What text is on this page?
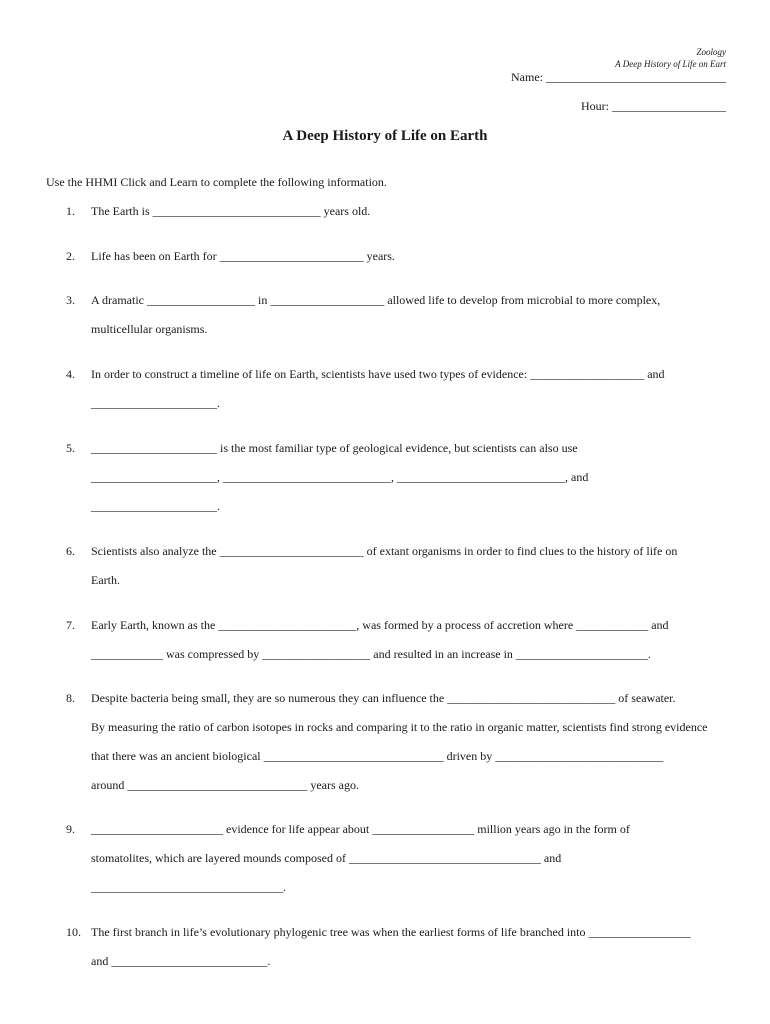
Zoology
A Deep History of Life on Eart
Name: ______________________________
Hour: ___________________
A Deep History of Life on Earth
Use the HHMI Click and Learn to complete the following information.
1. The Earth is ____________________________ years old.
2. Life has been on Earth for ________________________ years.
3. A dramatic __________________ in ___________________ allowed life to develop from microbial to more complex,
multicellular organisms.
4. In order to construct a timeline of life on Earth, scientists have used two types of evidence: ___________________ and
_____________________.
5. _____________________ is the most familiar type of geological evidence, but scientists can also use
_____________________, ____________________________, ____________________________, and
_____________________.
6. Scientists also analyze the ________________________ of extant organisms in order to find clues to the history of life on
Earth.
7. Early Earth, known as the _______________________, was formed by a process of accretion where ____________ and
____________ was compressed by __________________ and resulted in an increase in ______________________.
8. Despite bacteria being small, they are so numerous they can influence the ____________________________ of seawater.
By measuring the ratio of carbon isotopes in rocks and comparing it to the ratio in organic matter, scientists find strong evidence
that there was an ancient biological ______________________________ driven by ____________________________
around ______________________________ years ago.
9. ______________________ evidence for life appear about _________________ million years ago in the form of
stomatolites, which are layered mounds composed of ________________________________ and
________________________________.
10. The first branch in life’s evolutionary phylogenic tree was when the earliest forms of life branched into _________________
and __________________________.
